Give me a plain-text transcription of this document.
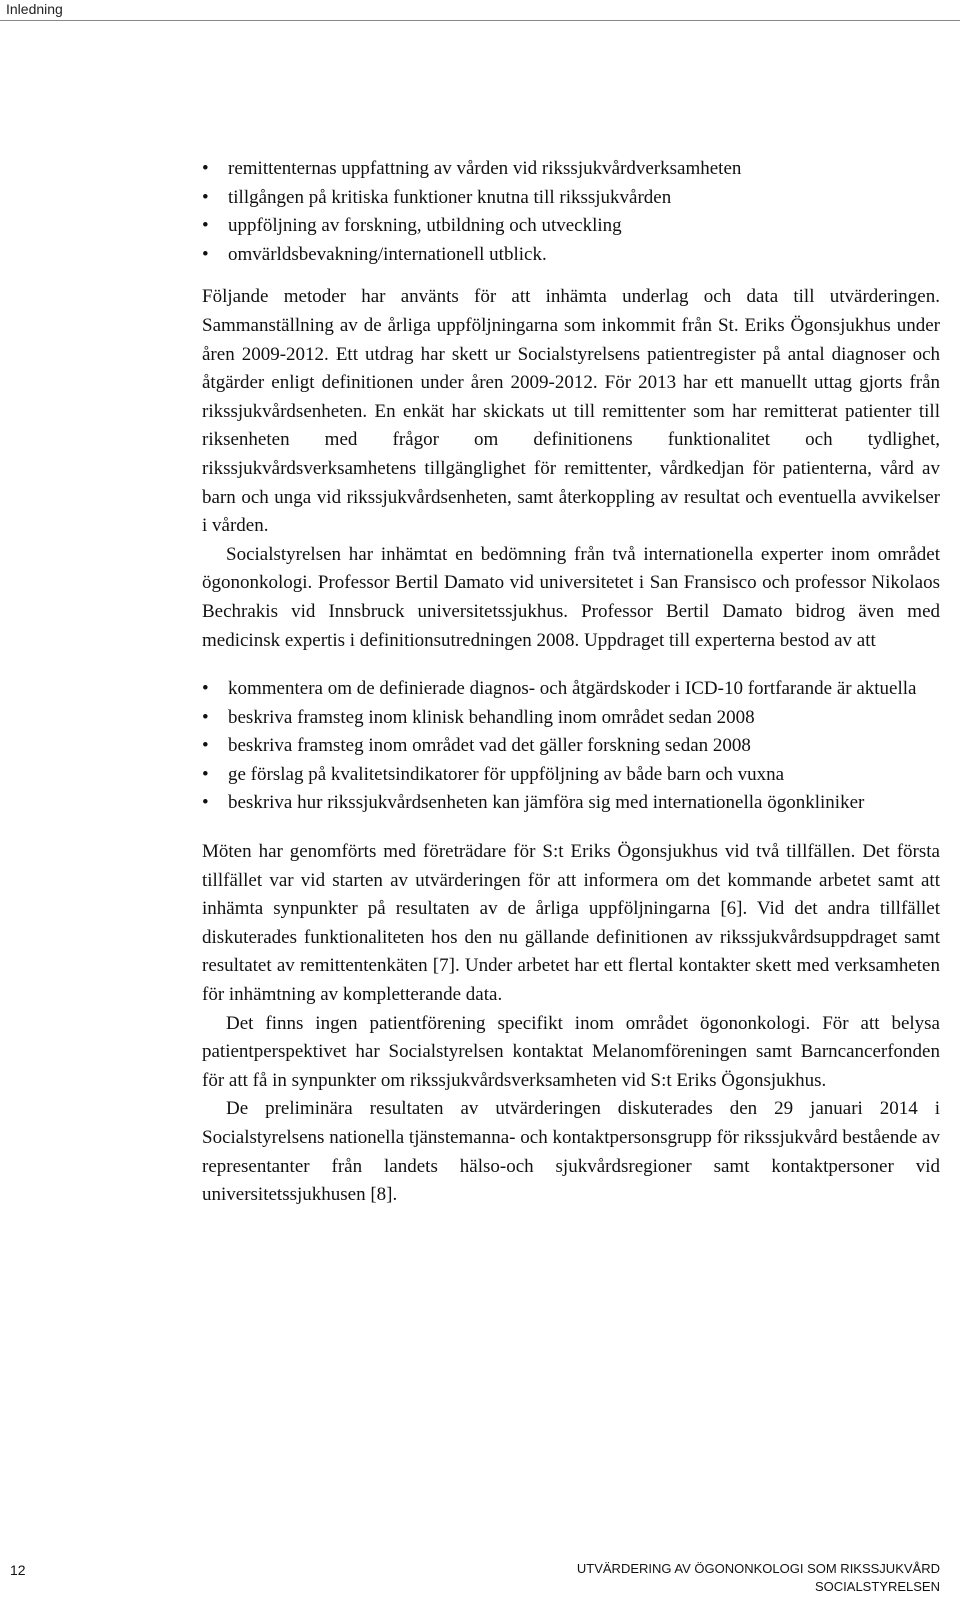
Inledning
• remittenternas uppfattning av vården vid rikssjukvårdverksamheten
• tillgången på kritiska funktioner knutna till rikssjukvården
• uppföljning av forskning, utbildning och utveckling
• omvärldsbevakning/internationell utblick.

Följande metoder har använts för att inhämta underlag och data till utvärderingen. Sammanställning av de årliga uppföljningarna som inkommit från St. Eriks Ögonsjukhus under åren 2009-2012. Ett utdrag har skett ur Socialstyrelsens patientregister på antal diagnoser och åtgärder enligt definitionen under åren 2009-2012. För 2013 har ett manuellt uttag gjorts från rikssjukvårdsenheten. En enkät har skickats ut till remittenter som har remitterat patienter till riksenheten med frågor om definitionens funktionalitet och tydlighet, rikssjukvårdsverksamhetens tillgänglighet för remittenter, vårdkedjan för patienterna, vård av barn och unga vid rikssjukvårdsenheten, samt återkoppling av resultat och eventuella avvikelser i vården.

Socialstyrelsen har inhämtat en bedömning från två internationella experter inom området ögononkologi. Professor Bertil Damato vid universitetet i San Fransisco och professor Nikolaos Bechrakis vid Innsbruck universitetssjukhus. Professor Bertil Damato bidrog även med medicinsk expertis i definitionsutredningen 2008. Uppdraget till experterna bestod av att

• kommentera om de definierade diagnos- och åtgärdskoder i ICD-10 fortfarande är aktuella
• beskriva framsteg inom klinisk behandling inom området sedan 2008
• beskriva framsteg inom området vad det gäller forskning sedan 2008
• ge förslag på kvalitetsindikatorer för uppföljning av både barn och vuxna
• beskriva hur rikssjukvårdsenheten kan jämföra sig med internationella ögonkliniker

Möten har genomförts med företrädare för S:t Eriks Ögonsjukhus vid två tillfällen. Det första tillfället var vid starten av utvärderingen för att informera om det kommande arbetet samt att inhämta synpunkter på resultaten av de årliga uppföljningarna [6]. Vid det andra tillfället diskuterades funktionaliteten hos den nu gällande definitionen av rikssjukvårdsuppdraget samt resultatet av remittentenkäten [7]. Under arbetet har ett flertal kontakter skett med verksamheten för inhämtning av kompletterande data.

Det finns ingen patientförening specifikt inom området ögononkologi. För att belysa patientperspektivet har Socialstyrelsen kontaktat Melanomföreningen samt Barncancerfonden för att få in synpunkter om rikssjukvårdsverksamheten vid S:t Eriks Ögonsjukhus.

De preliminära resultaten av utvärderingen diskuterades den 29 januari 2014 i Socialstyrelsens nationella tjänstemanna- och kontaktpersonsgrupp för rikssjukvård bestående av representanter från landets hälso-och sjukvårdsregioner samt kontaktpersoner vid universitetssjukhusen [8].

12	UTVÄRDERING AV ÖGONONKOLOGI SOM RIKSSJUKVÅRD
SOCIALSTYRELSEN
